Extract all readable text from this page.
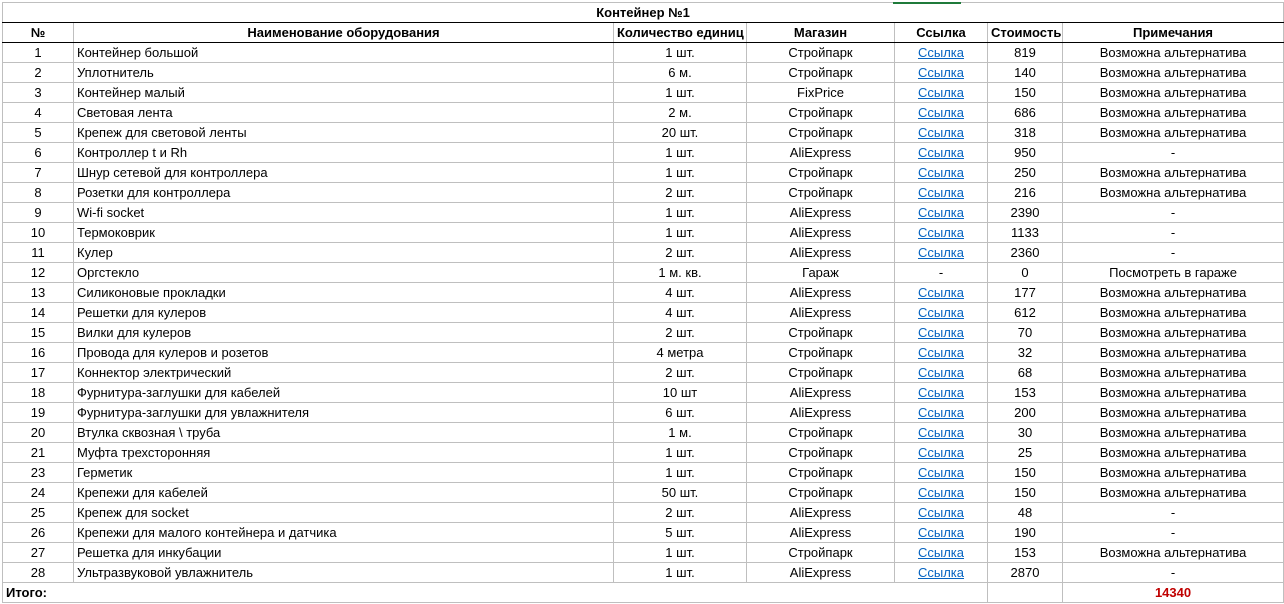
Контейнер №1						
№	Наименование оборудования	Количество единиц	Магазин	Ссылка	Стоимость	Примечания
1	Контейнер большой	1 шт.	Стройпарк	Ссылка	819	Возможна альтернатива
2	Уплотнитель	6 м.	Стройпарк	Ссылка	140	Возможна альтернатива
3	Контейнер малый	1 шт.	FixPrice	Ссылка	150	Возможна альтернатива
4	Световая лента	2 м.	Стройпарк	Ссылка	686	Возможна альтернатива
5	Крепеж для световой ленты	20 шт.	Стройпарк	Ссылка	318	Возможна альтернатива
6	Контроллер t и Rh	1 шт.	AliExpress	Ссылка	950	-
7	Шнур сетевой для контроллера	1 шт.	Стройпарк	Ссылка	250	Возможна альтернатива
8	Розетки для контроллера	2 шт.	Стройпарк	Ссылка	216	Возможна альтернатива
9	Wi-fi socket	1 шт.	AliExpress	Ссылка	2390	-
10	Термоковрик	1 шт.	AliExpress	Ссылка	1133	-
11	Кулер	2 шт.	AliExpress	Ссылка	2360	-
12	Оргстекло	1 м. кв.	Гараж	-	0	Посмотреть в гараже
13	Силиконовые прокладки	4 шт.	AliExpress	Ссылка	177	Возможна альтернатива
14	Решетки для кулеров	4 шт.	AliExpress	Ссылка	612	Возможна альтернатива
15	Вилки для кулеров	2 шт.	Стройпарк	Ссылка	70	Возможна альтернатива
16	Провода для кулеров и розетов	4 метра	Стройпарк	Ссылка	32	Возможна альтернатива
17	Коннектор электрический	2 шт.	Стройпарк	Ссылка	68	Возможна альтернатива
18	Фурнитура-заглушки для кабелей	10 шт	AliExpress	Ссылка	153	Возможна альтернатива
19	Фурнитура-заглушки для увлажнителя	6 шт.	AliExpress	Ссылка	200	Возможна альтернатива
20	Втулка сквозная \ труба	1 м.	Стройпарк	Ссылка	30	Возможна альтернатива
21	Муфта трехсторонняя	1 шт.	Стройпарк	Ссылка	25	Возможна альтернатива
23	Герметик	1 шт.	Стройпарк	Ссылка	150	Возможна альтернатива
24	Крепежи для кабелей	50 шт.	Стройпарк	Ссылка	150	Возможна альтернатива
25	Крепеж для socket	2 шт.	AliExpress	Ссылка	48	-
26	Крепежи для малого контейнера и датчика	5 шт.	AliExpress	Ссылка	190	-
27	Решетка для инкубации	1 шт.	Стройпарк	Ссылка	153	Возможна альтернатива
28	Ультразвуковой увлажнитель	1 шт.	AliExpress	Ссылка	2870	-
Итого:						14340
